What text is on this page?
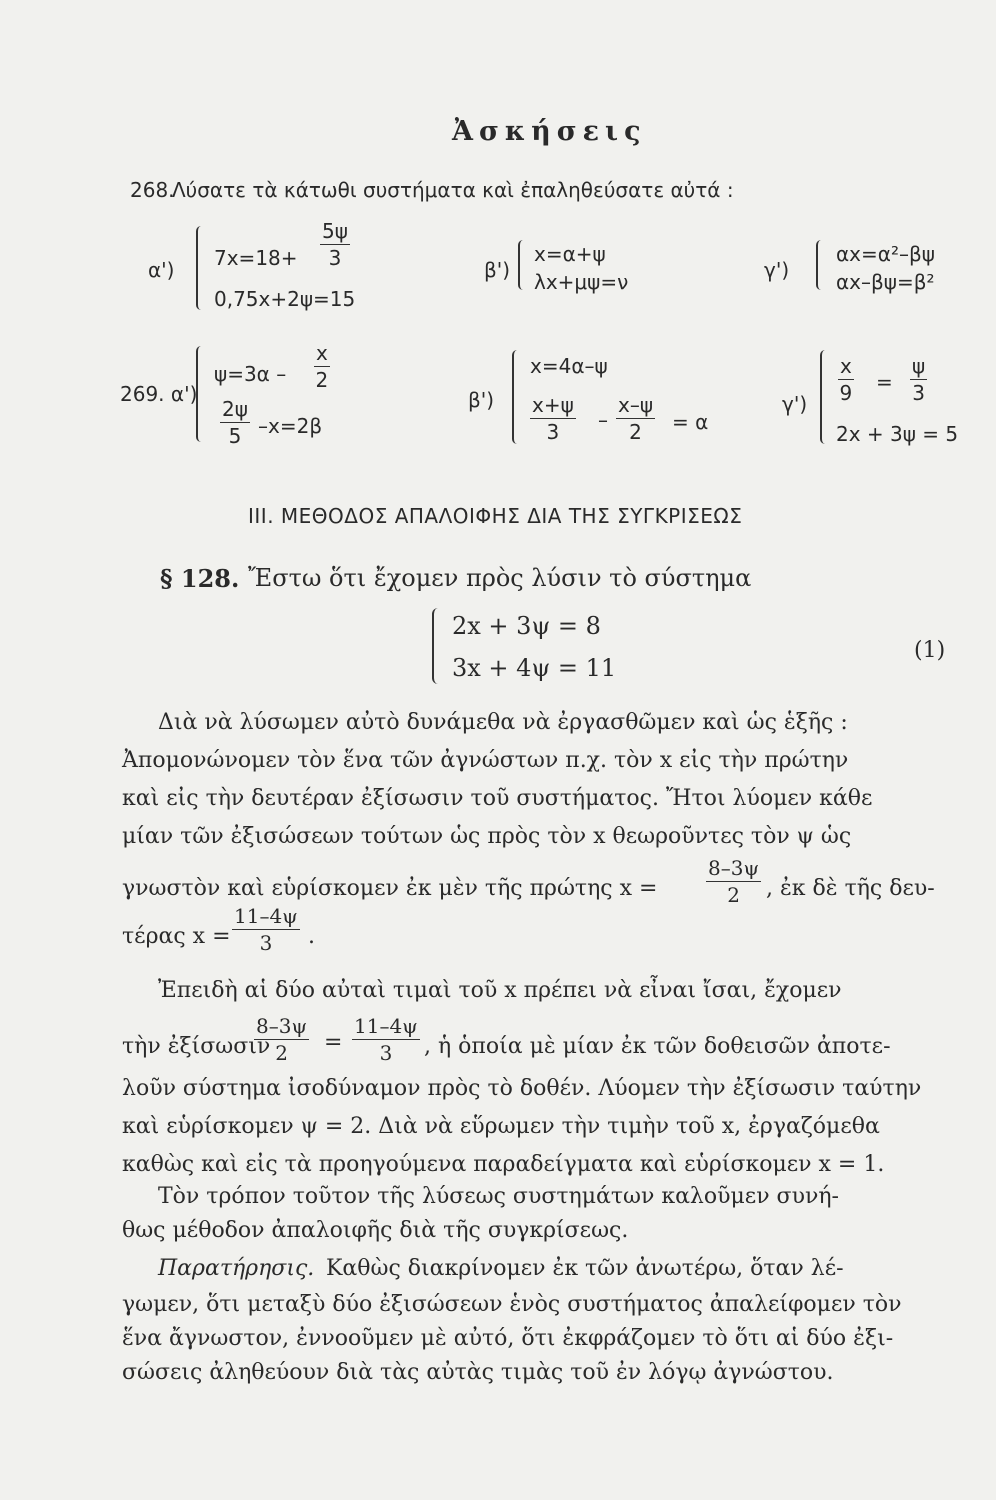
Ἀσκήσεις
268.
Λύσατε τὰ κάτωθι συστήματα καὶ ἐπαληθεύσατε αὐτά :
α') $7x=18+ \frac{5\psi}{3}$
0,75x+2ψ=15
β')
x=α+ψ
λx+μψ=ν	γ')
αx=α²–βψ
αx–βψ=β²
269. α')
$\psi=3\alpha - \frac{x}{2}$
$\frac{2\psi}{5} -x=2\beta$
β')
x=4α–ψ
$\frac{x+\psi}{3} - \frac{x-\psi}{2} = \alpha$
$\gamma') \frac{x}{9} = \frac{\psi}{3}$
2x + 3ψ = 5
III. ΜΕΘΟΔΟΣ ΑΠΑΛΟΙΦΗΣ ΔΙΑ ΤΗΣ ΣΥΓΚΡΙΣΕΩΣ
§ 128. Ἔστω ὅτι ἔχομεν πρὸς λύσιν τὸ σύστημα
2x + 3ψ = 8
3x + 4ψ = 11
(1)
Διὰ νὰ λύσωμεν αὐτὸ δυνάμεθα νὰ ἐργασθῶμεν καὶ ὡς ἑξῆς :
Ἀπομονώνομεν τὸν ἕνα τῶν ἀγνώστων π.χ. τὸν x εἰς τὴν πρώτην
καὶ εἰς τὴν δευτέραν ἐξίσωσιν τοῦ συστήματος. Ἤτοι λύομεν κάθε
μίαν τῶν ἐξισώσεων τούτων ὡς πρὸς τὸν x θεωροῦντες τὸν ψ ὡς
γνωστὸν καὶ εὑρίσκομεν ἐκ μὲν τῆς πρώτης $x = \frac{8-3\psi}{2}$ , ἐκ δὲ τῆς δευ-
τέρας $x = \frac{11-4\psi}{3}$ .
Ἐπειδὴ αἱ δύο αὐταὶ τιμαὶ τοῦ x πρέπει νὰ εἶναι ἴσαι, ἔχομεν
τὴν ἐξίσωσιν
$\frac{8-3\psi}{2} = \frac{11-4\psi}{3}$ , ἡ ὁποία μὲ μίαν ἐκ τῶν δοθεισῶν ἀποτε-
λοῦν σύστημα ἰσοδύναμον πρὸς τὸ δοθέν. Λύομεν τὴν ἐξίσωσιν ταύτην
καὶ εὑρίσκομεν ψ = 2. Διὰ νὰ εὕρωμεν τὴν τιμὴν τοῦ x, ἐργαζόμεθα
καθὼς καὶ εἰς τὰ προηγούμενα παραδείγματα καὶ εὑρίσκομεν x = 1.
Τὸν τρόπον τοῦτον τῆς λύσεως συστημάτων καλοῦμεν συνή-
θως μέθοδον ἀπαλοιφῆς διὰ τῆς συγκρίσεως.
Παρατήρησις. Καθὼς διακρίνομεν ἐκ τῶν ἀνωτέρω, ὅταν λέ-
γωμεν, ὅτι μεταξὺ δύο ἐξισώσεων ἑνὸς συστήματος ἀπαλείφομεν τὸν
ἕνα ἄγνωστον, ἐννοοῦμεν μὲ αὐτό, ὅτι ἐκφράζομεν τὸ ὅτι αἱ δύο ἐξι-
σώσεις ἀληθεύουν διὰ τὰς αὐτὰς τιμὰς τοῦ ἐν λόγῳ ἀγνώστου.
